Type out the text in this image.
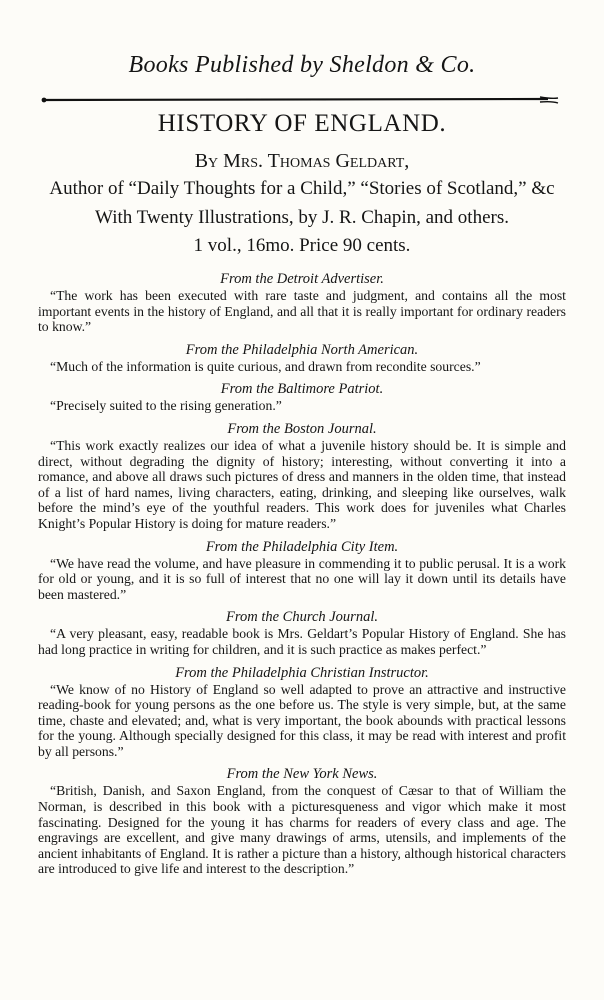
Books Published by Sheldon & Co.
HISTORY OF ENGLAND.
By Mrs. Thomas Geldart,
Author of “Daily Thoughts for a Child,” “Stories of Scotland,” &c
With Twenty Illustrations, by J. R. Chapin, and others.
1 vol., 16mo. Price 90 cents.

From the Detroit Advertiser.

“The work has been executed with rare taste and judgment, and contains all the most important events in the history of England, and all that it is really important for ordinary readers to know.”

From the Philadelphia North American.

“Much of the information is quite curious, and drawn from recondite sources.”

From the Baltimore Patriot.

“Precisely suited to the rising generation.”

From the Boston Journal.

“This work exactly realizes our idea of what a juvenile history should be. It is simple and direct, without degrading the dignity of history; interesting, without converting it into a romance, and above all draws such pictures of dress and manners in the olden time, that instead of a list of hard names, living characters, eating, drinking, and sleeping like ourselves, walk before the mind’s eye of the youthful readers. This work does for juveniles what Charles Knight’s Popular History is doing for mature readers.”

From the Philadelphia City Item.

“We have read the volume, and have pleasure in commending it to public perusal. It is a work for old or young, and it is so full of interest that no one will lay it down until its details have been mastered.”

From the Church Journal.

“A very pleasant, easy, readable book is Mrs. Geldart’s Popular History of England. She has had long practice in writing for children, and it is such practice as makes perfect.”

From the Philadelphia Christian Instructor.

“We know of no History of England so well adapted to prove an attractive and instructive reading-book for young persons as the one before us. The style is very simple, but, at the same time, chaste and elevated; and, what is very important, the book abounds with practical lessons for the young. Although specially designed for this class, it may be read with interest and profit by all persons.”

From the New York News.

“British, Danish, and Saxon England, from the conquest of Cæsar to that of William the Norman, is described in this book with a picturesqueness and vigor which make it most fascinating. Designed for the young it has charms for readers of every class and age. The engravings are excellent, and give many drawings of arms, utensils, and implements of the ancient inhabitants of England. It is rather a picture than a history, although historical characters are introduced to give life and interest to the description.”
